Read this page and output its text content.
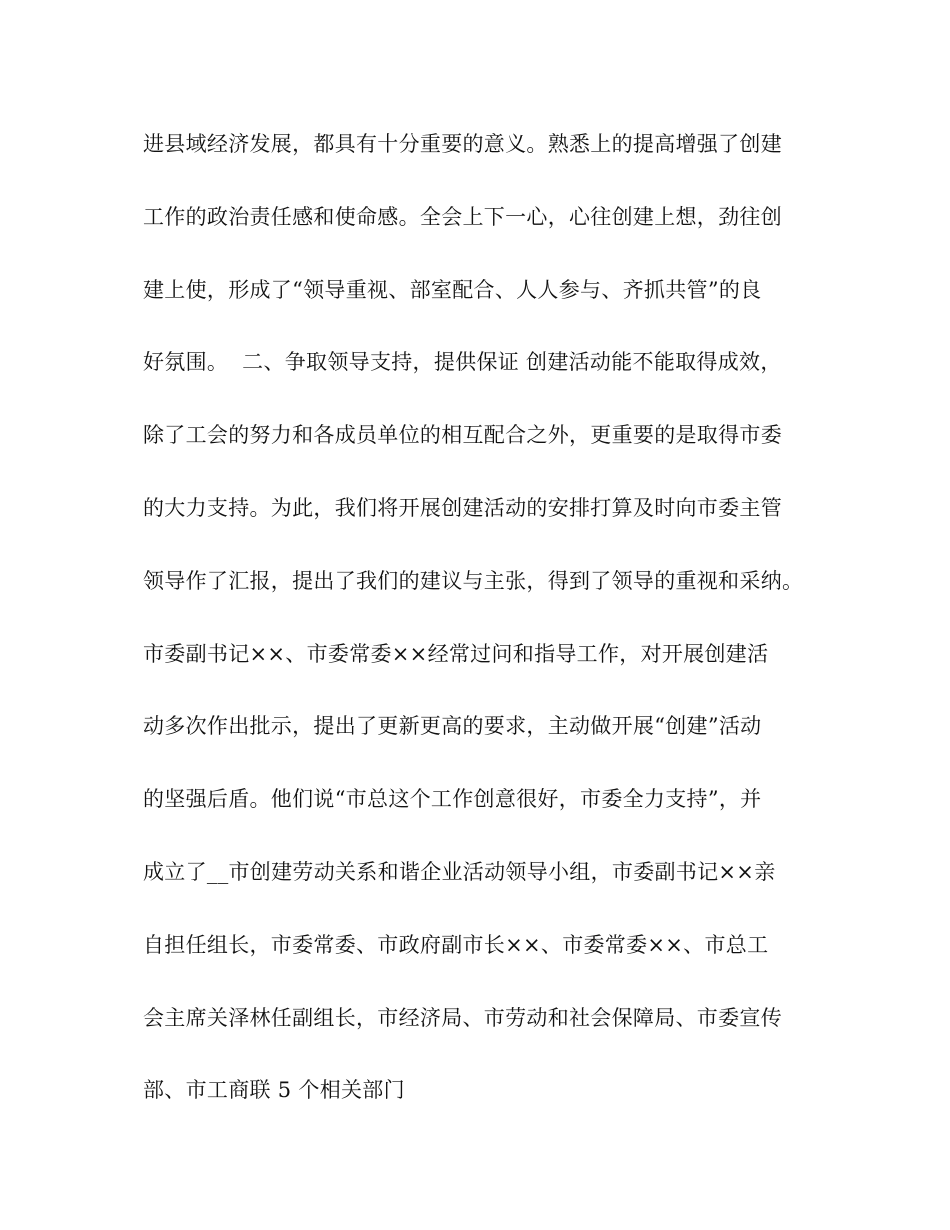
进县域经济发展，都具有十分重要的意义。熟悉上的提高增强了创建
工作的政治责任感和使命感。全会上下一心，心往创建上想，劲往创
建上使，形成了“领导重视、部室配合、人人参与、齐抓共管”的良
好氛围。  二、争取领导支持，提供保证 创建活动能不能取得成效，
除了工会的努力和各成员单位的相互配合之外，更重要的是取得市委
的大力支持。为此，我们将开展创建活动的安排打算及时向市委主管
领导作了汇报，提出了我们的建议与主张，得到了领导的重视和采纳。
市委副书记××、市委常委××经常过问和指导工作，对开展创建活
动多次作出批示，提出了更新更高的要求，主动做开展“创建”活动
的坚强后盾。他们说“市总这个工作创意很好，市委全力支持”，并
成立了__市创建劳动关系和谐企业活动领导小组，市委副书记××亲
自担任组长，市委常委、市政府副市长××、市委常委××、市总工
会主席关泽林任副组长，市经济局、市劳动和社会保障局、市委宣传
部、市工商联 5 个相关部门
